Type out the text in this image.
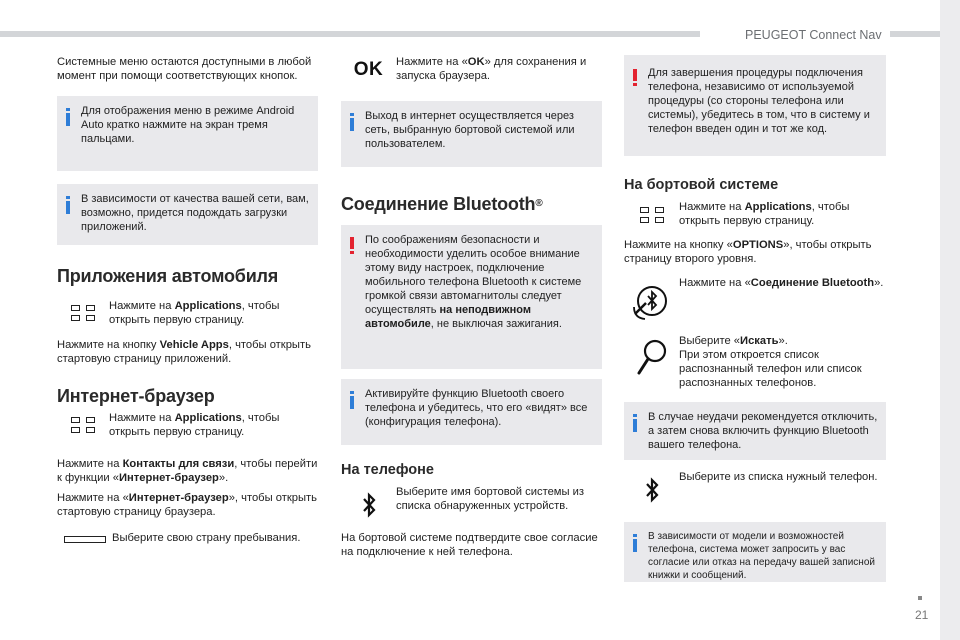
PEUGEOT Connect Nav
21

Системные меню остаются доступными в любой момент при помощи соответствующих кнопок.

Для отображения меню в режиме Android Auto кратко нажмите на экран тремя пальцами.
В зависимости от качества вашей сети, вам, возможно, придется подождать загрузки приложений.
Приложения автомобиля
Нажмите на Applications, чтобы открыть первую страницу.

Нажмите на кнопку Vehicle Apps, чтобы открыть стартовую страницу приложений.

Интернет-браузер
Нажмите на Applications, чтобы открыть первую страницу.

Нажмите на Контакты для связи, чтобы перейти к функции «Интернет-браузер».

Нажмите на «Интернет-браузер», чтобы открыть стартовую страницу браузера.

Выберите свою страну пребывания.
OK Нажмите на «OK» для сохранения и запуска браузера.
Выход в интернет осуществляется через сеть, выбранную бортовой системой или пользователем.
Соединение Bluetooth®
По соображениям безопасности и необходимости уделить особое внимание этому виду настроек, подключение мобильного телефона Bluetooth к системе громкой связи автомагнитолы следует осуществлять на неподвижном автомобиле, не выключая зажигания.
Активируйте функцию Bluetooth своего телефона и убедитесь, что его «видят» все (конфигурация телефона).
На телефоне
Выберите имя бортовой системы из списка обнаруженных устройств.

На бортовой системе подтвердите свое согласие на подключение к ней телефона.

Для завершения процедуры подключения телефона, независимо от используемой процедуры (со стороны телефона или системы), убедитесь в том, что в систему и телефон введен один и тот же код.
На бортовой системе
Нажмите на Applications, чтобы открыть первую страницу.

Нажмите на кнопку «OPTIONS», чтобы открыть страницу второго уровня.

Нажмите на «Соединение Bluetooth».
Выберите «Искать».
При этом откроется список распознанный телефон или список распознанных телефонов.
В случае неудачи рекомендуется отключить, а затем снова включить функцию Bluetooth вашего телефона.
Выберите из списка нужный телефон.
В зависимости от модели и возможностей телефона, система может запросить у вас согласие или отказ на передачу вашей записной книжки и сообщений.
